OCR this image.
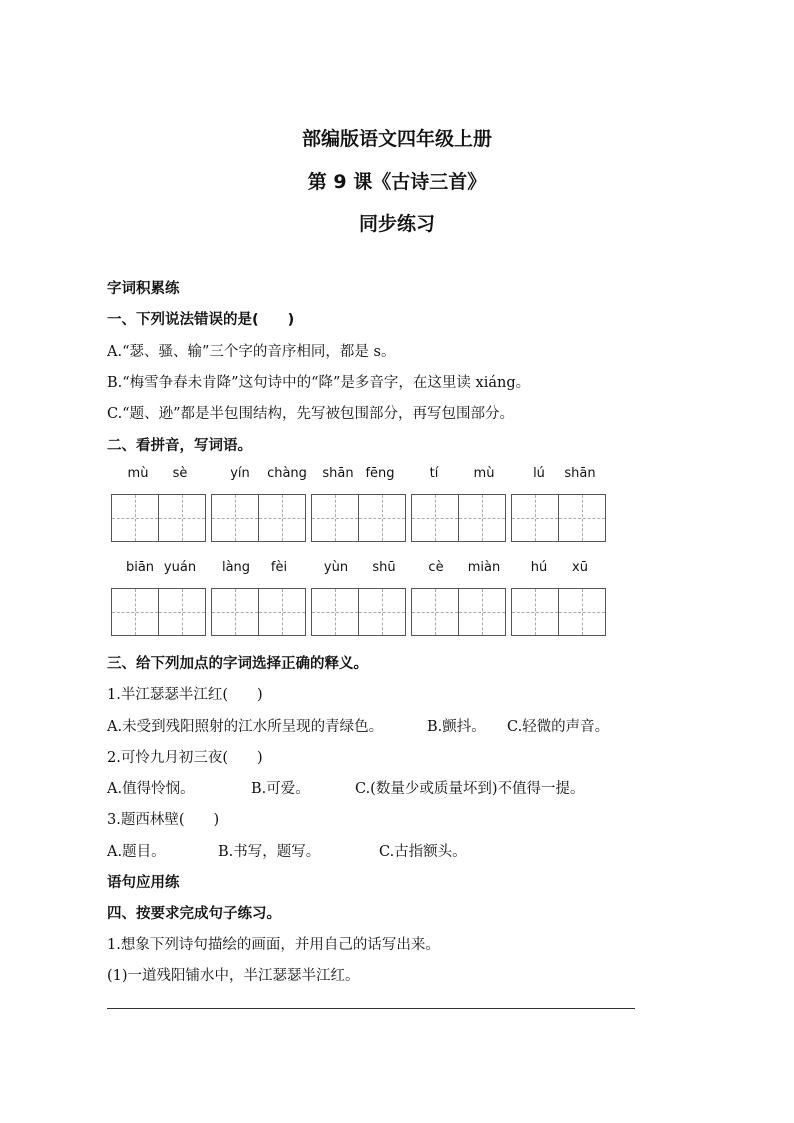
部编版语文四年级上册
第 9 课《古诗三首》
同步练习
字词积累练
一、下列说法错误的是(　　)
A.“瑟、骚、输”三个字的音序相同，都是 s。
B.“梅雪争春未肯降”这句诗中的“降”是多音字，在这里读 xiáng。
C.“题、逊”都是半包围结构，先写被包围部分，再写包围部分。
二、看拼音，写词语。
mù	sè	yín	chàng	shān fēng	tí	mù	lú	shān
biān yuán	làng	fèi	yùn	shū	cè	miàn	hú	xū
三、给下列加点的字词选择正确的释义。
1.半江瑟瑟半江红(　　)
A.未受到残阳照射的江水所呈现的青绿色。	B.颤抖。 C.轻微的声音。
2.可怜九月初三夜(　　)
A.值得怜悯。	B.可爱。	C.(数量少或质量坏到)不值得一提。
3.题西林壁(　　)
A.题目。	B.书写，题写。	C.古指额头。
语句应用练
四、按要求完成句子练习。
1.想象下列诗句描绘的画面，并用自己的话写出来。
(1)一道残阳铺水中，半江瑟瑟半江红。
